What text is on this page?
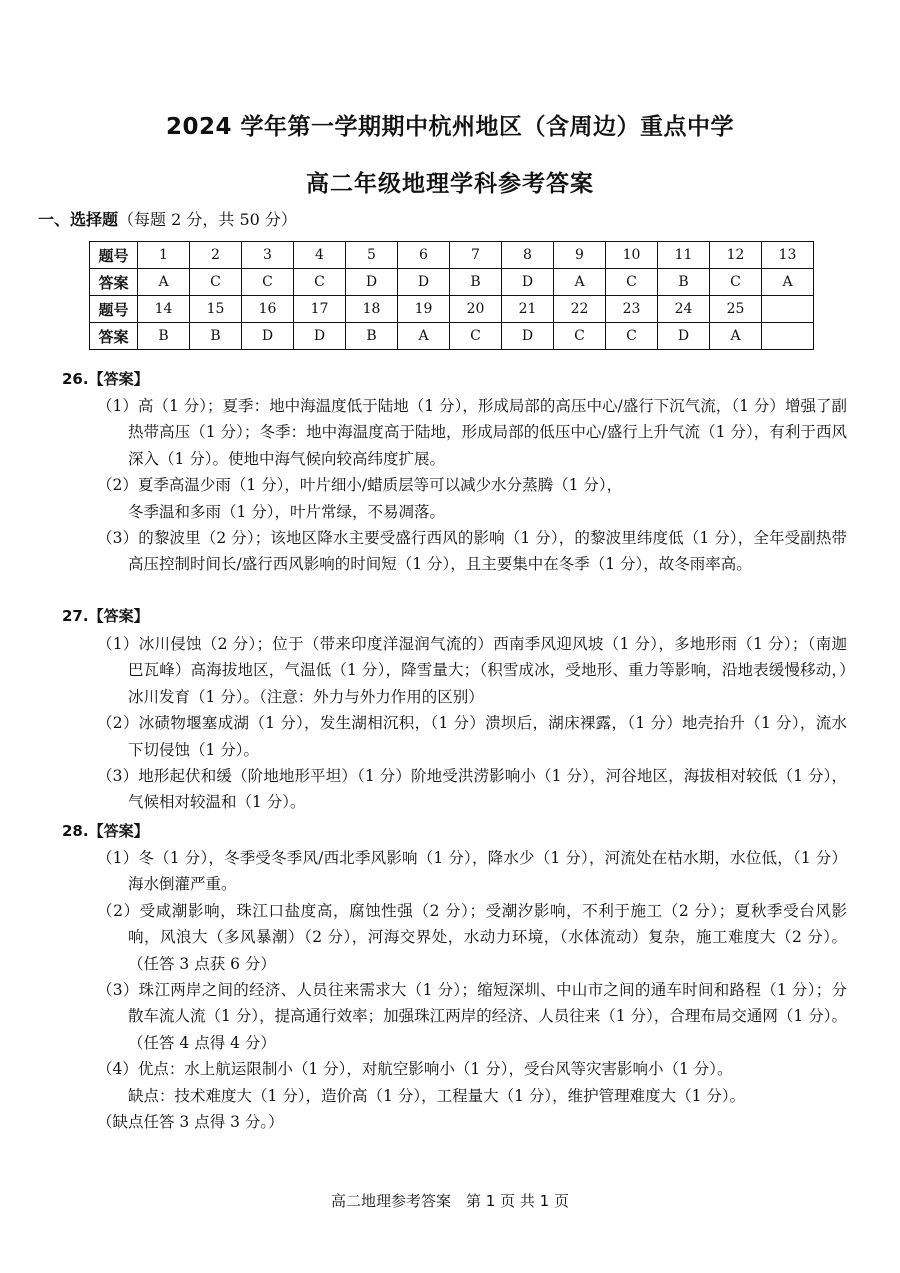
2024 学年第一学期期中杭州地区（含周边）重点中学
高二年级地理学科参考答案
一、选择题（每题 2 分，共 50 分）
题号	1	2	3	4	5	6	7	8	9	10	11	12	13
答案	A	C	C	C	D	D	B	D	A	C	B	C	A
题号	14	15	16	17	18	19	20	21	22	23	24	25	
答案	B	B	D	D	B	A	C	D	C	C	D	A	
26.【答案】

（1）高（1 分）；夏季：地中海温度低于陆地（1 分），形成局部的高压中心/盛行下沉气流，（1 分）增强了副热带高压（1 分）；冬季：地中海温度高于陆地，形成局部的低压中心/盛行上升气流（1 分），有利于西风深入（1 分）。使地中海气候向较高纬度扩展。

（2）夏季高温少雨（1 分），叶片细小/蜡质层等可以减少水分蒸腾（1 分），

冬季温和多雨（1 分），叶片常绿，不易凋落。

（3）的黎波里（2 分）；该地区降水主要受盛行西风的影响（1 分），的黎波里纬度低（1 分），全年受副热带高压控制时间长/盛行西风影响的时间短（1 分），且主要集中在冬季（1 分），故冬雨率高。

27.【答案】

（1）冰川侵蚀（2 分）；位于（带来印度洋湿润气流的）西南季风迎风坡（1 分），多地形雨（1 分）；（南迦巴瓦峰）高海拔地区，气温低（1 分），降雪量大；（积雪成冰，受地形、重力等影响，沿地表缓慢移动，）冰川发育（1 分）。（注意：外力与外力作用的区别）

（2）冰碛物堰塞成湖（1 分），发生湖相沉积，（1 分）溃坝后，湖床裸露，（1 分）地壳抬升（1 分），流水下切侵蚀（1 分）。

（3）地形起伏和缓（阶地地形平坦）（1 分）阶地受洪涝影响小（1 分），河谷地区，海拔相对较低（1 分），气候相对较温和（1 分）。

28.【答案】

（1）冬（1 分），冬季受冬季风/西北季风影响（1 分），降水少（1 分），河流处在枯水期，水位低，（1 分）海水倒灌严重。

（2）受咸潮影响，珠江口盐度高，腐蚀性强（2 分）；受潮汐影响，不利于施工（2 分）；夏秋季受台风影响，风浪大（多风暴潮）（2 分），河海交界处，水动力环境，（水体流动）复杂，施工难度大（2 分）。（任答 3 点获 6 分）

（3）珠江两岸之间的经济、人员往来需求大（1 分）；缩短深圳、中山市之间的通车时间和路程（1 分）；分散车流人流（1 分），提高通行效率；加强珠江两岸的经济、人员往来（1 分），合理布局交通网（1 分）。（任答 4 点得 4 分）

（4）优点：水上航运限制小（1 分），对航空影响小（1 分），受台风等灾害影响小（1 分）。

缺点：技术难度大（1 分），造价高（1 分），工程量大（1 分），维护管理难度大（1 分）。

（缺点任答 3 点得 3 分。）

高二地理参考答案　第 1 页 共 1 页
